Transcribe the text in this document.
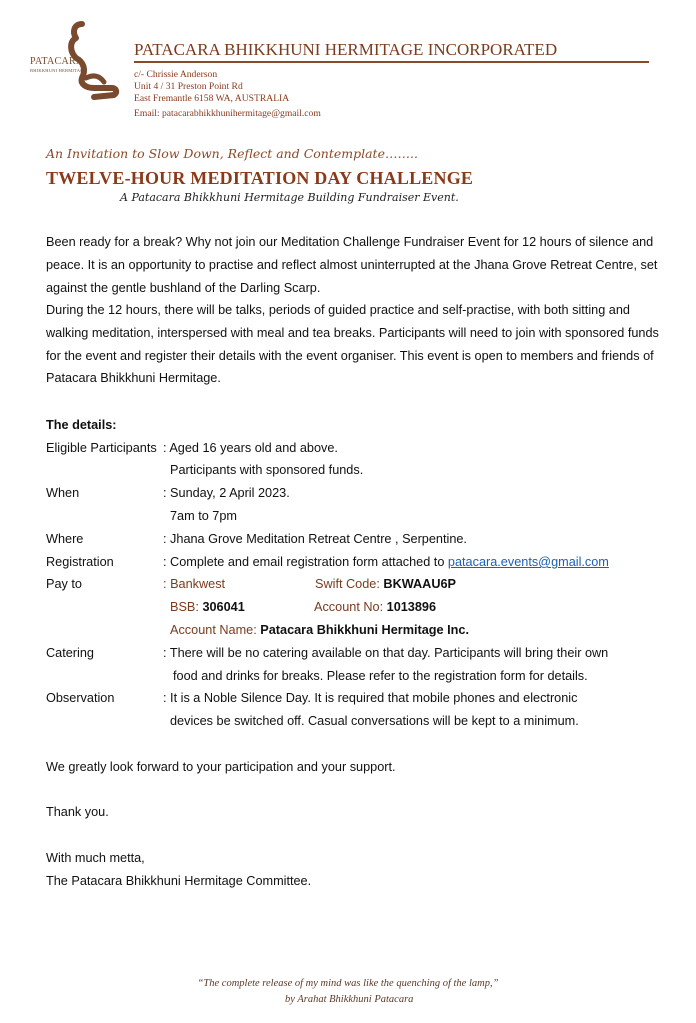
PATACARA
BHIKKHUNI HERMITAGE
PATACARA BHIKKHUNI HERMITAGE INCORPORATED
c/- Chrissie Anderson
Unit 4 / 31 Preston Point Rd
East Fremantle 6158 WA, AUSTRALIA
Email: patacarabhikkhunihermitage@gmail.com
An Invitation to Slow Down, Reflect and Contemplate……..
TWELVE-HOUR MEDITATION DAY CHALLENGE
A Patacara Bhikkhuni Hermitage Building Fundraiser Event.
Been ready for a break? Why not join our Meditation Challenge Fundraiser Event for 12 hours of silence and peace. It is an opportunity to practise and reflect almost uninterrupted at the Jhana Grove Retreat Centre, set against the gentle bushland of the Darling Scarp.
During the 12 hours, there will be talks, periods of guided practice and self-practise, with both sitting and walking meditation, interspersed with meal and tea breaks. Participants will need to join with sponsored funds for the event and register their details with the event organiser. This event is open to members and friends of Patacara Bhikkhuni Hermitage.
The details:
Eligible Participants : Aged 16 years old and above.
Participants with sponsored funds.
When	: Sunday, 2 April 2023.
7am to 7pm
Where	: Jhana Grove Meditation Retreat Centre , Serpentine.
Registration	: Complete and email registration form attached to patacara.events@gmail.com
Pay to	: Bankwest	Swift Code: BKWAAU6P
BSB: 306041	Account No: 1013896
Account Name: Patacara Bhikkhuni Hermitage Inc.
Catering	: There will be no catering available on that day. Participants will bring their own
food and drinks for breaks. Please refer to the registration form for details.
Observation	: It is a Noble Silence Day. It is required that mobile phones and electronic
devices be switched off. Casual conversations will be kept to a minimum.
We greatly look forward to your participation and your support.
Thank you.
With much metta,
The Patacara Bhikkhuni Hermitage Committee.
“The complete release of my mind was like the quenching of the lamp,”
by Arahat Bhikkhuni Patacara
